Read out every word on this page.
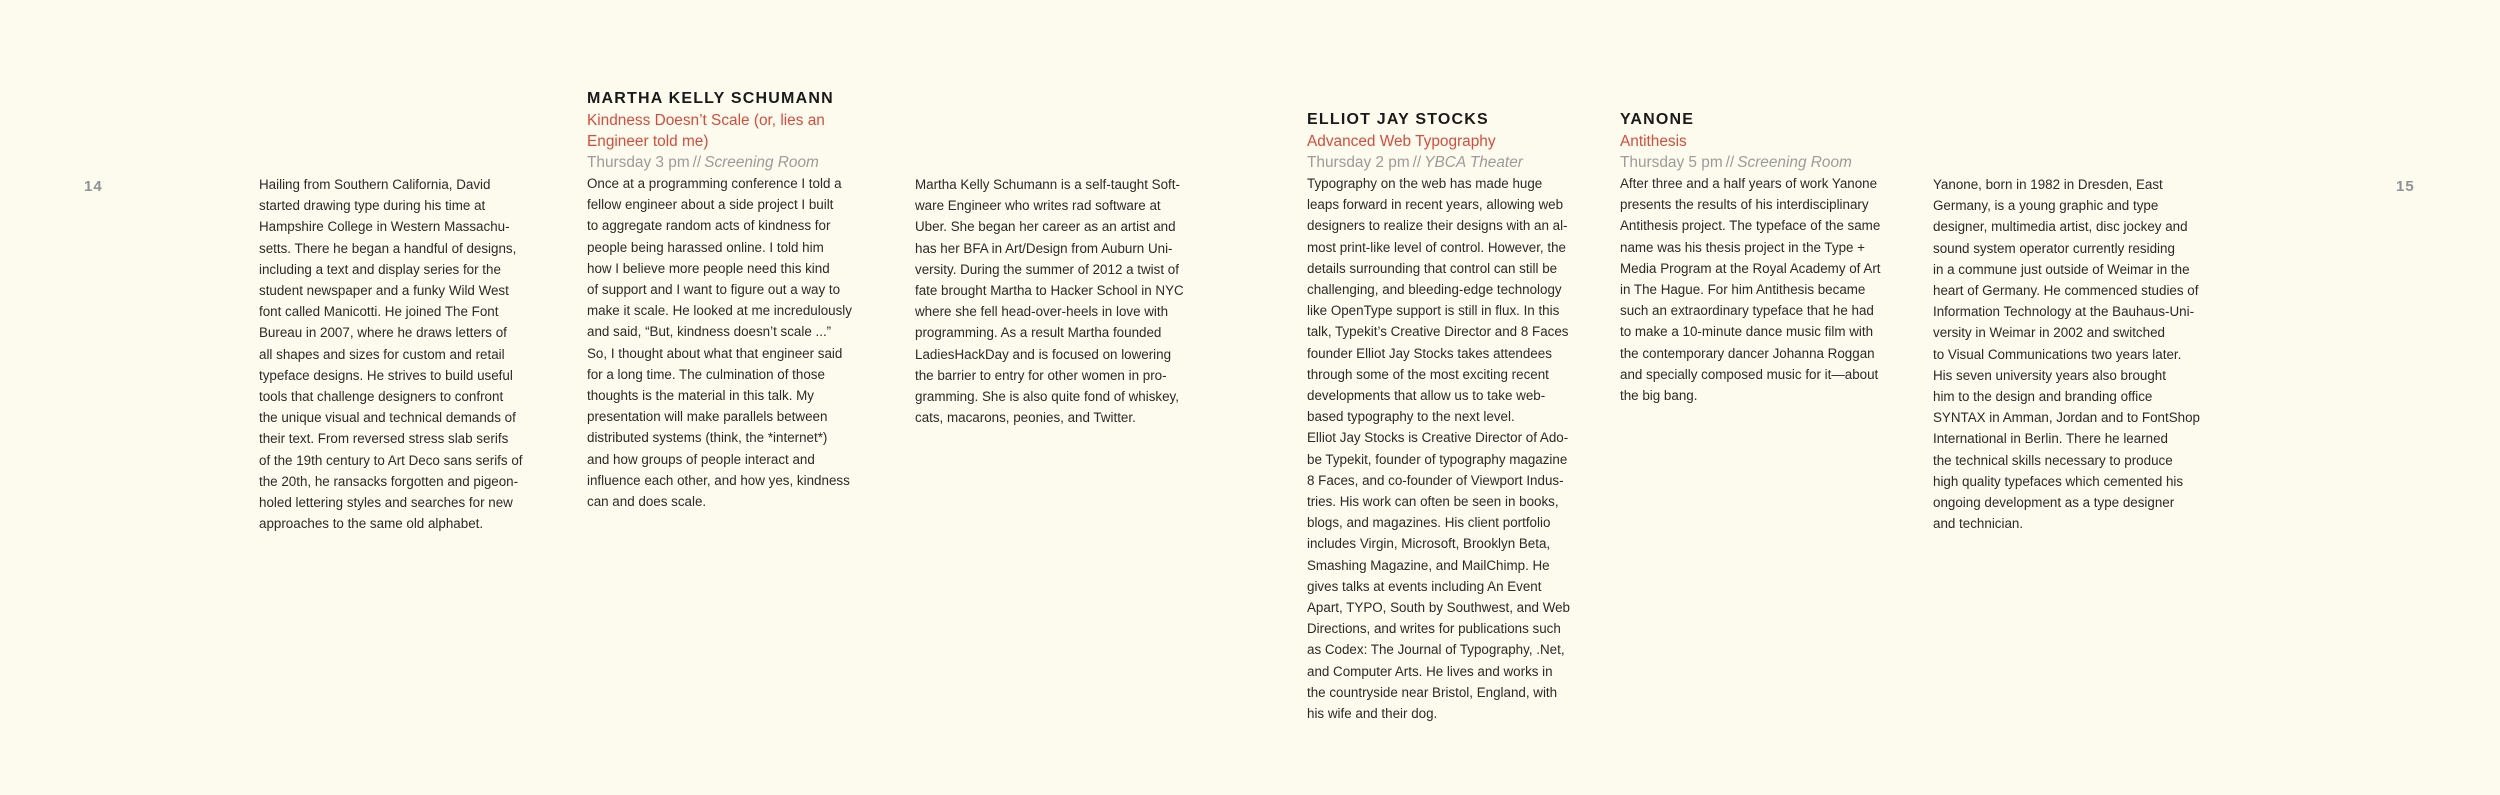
14	15
Hailing from Southern California, David
started drawing type during his time at
Hampshire College in Western Massachu-
setts. There he began a handful of designs,
including a text and display series for the
student newspaper and a funky Wild West
font called Manicotti. He joined The Font
Bureau in 2007, where he draws letters of
all shapes and sizes for custom and retail
typeface designs. He strives to build useful
tools that challenge designers to confront
the unique visual and technical demands of
their text. From reversed stress slab serifs
of the 19th century to Art Deco sans serifs of
the 20th, he ransacks forgotten and pigeon-
holed lettering styles and searches for new
approaches to the same old alphabet.
MARTHA KELLY SCHUMANN
Kindness Doesn’t Scale (or, lies an
Engineer told me)
Thursday 3 pm // Screening Room
Once at a programming conference I told a
fellow engineer about a side project I built
to aggregate random acts of kindness for
people being harassed online. I told him
how I believe more people need this kind
of support and I want to figure out a way to
make it scale. He looked at me incredulously
and said, “But, kindness doesn’t scale ...”
So, I thought about what that engineer said
for a long time. The culmination of those
thoughts is the material in this talk. My
presentation will make parallels between
distributed systems (think, the *internet*)
and how groups of people interact and
influence each other, and how yes, kindness
can and does scale.
Martha Kelly Schumann is a self-taught Soft-
ware Engineer who writes rad software at
Uber. She began her career as an artist and
has her BFA in Art/Design from Auburn Uni-
versity. During the summer of 2012 a twist of
fate brought Martha to Hacker School in NYC
where she fell head-over-heels in love with
programming. As a result Martha founded
LadiesHackDay and is focused on lowering
the barrier to entry for other women in pro-
gramming. She is also quite fond of whiskey,
cats, macarons, peonies, and Twitter.
ELLIOT JAY STOCKS
Advanced Web Typography
Thursday 2 pm // YBCA Theater
Typography on the web has made huge
leaps forward in recent years, allowing web
designers to realize their designs with an al-
most print-like level of control. However, the
details surrounding that control can still be
challenging, and bleeding-edge technology
like OpenType support is still in flux. In this
talk, Typekit’s Creative Director and 8 Faces
founder Elliot Jay Stocks takes attendees
through some of the most exciting recent
developments that allow us to take web-
based typography to the next level.
Elliot Jay Stocks is Creative Director of Ado-
be Typekit, founder of typography magazine
8 Faces, and co-founder of Viewport Indus-
tries. His work can often be seen in books,
blogs, and magazines. His client portfolio
includes Virgin, Microsoft, Brooklyn Beta,
Smashing Magazine, and MailChimp. He
gives talks at events including An Event
Apart, TYPO, South by Southwest, and Web
Directions, and writes for publications such
as Codex: The Journal of Typography, .Net,
and Computer Arts. He lives and works in
the countryside near Bristol, England, with
his wife and their dog.
YANONE
Antithesis
Thursday 5 pm // Screening Room
After three and a half years of work Yanone
presents the results of his interdisciplinary
Antithesis project. The typeface of the same
name was his thesis project in the Type +
Media Program at the Royal Academy of Art
in The Hague. For him Antithesis became
such an extraordinary typeface that he had
to make a 10-minute dance music film with
the contemporary dancer Johanna Roggan
and specially composed music for it—about
the big bang.
Yanone, born in 1982 in Dresden, East
Germany, is a young graphic and type
designer, multimedia artist, disc jockey and
sound system operator currently residing
in a commune just outside of Weimar in the
heart of Germany. He commenced studies of
Information Technology at the Bauhaus-Uni-
versity in Weimar in 2002 and switched
to Visual Communications two years later.
His seven university years also brought
him to the design and branding office
SYNTAX in Amman, Jordan and to FontShop
International in Berlin. There he learned
the technical skills necessary to produce
high quality typefaces which cemented his
ongoing development as a type designer
and technician.
